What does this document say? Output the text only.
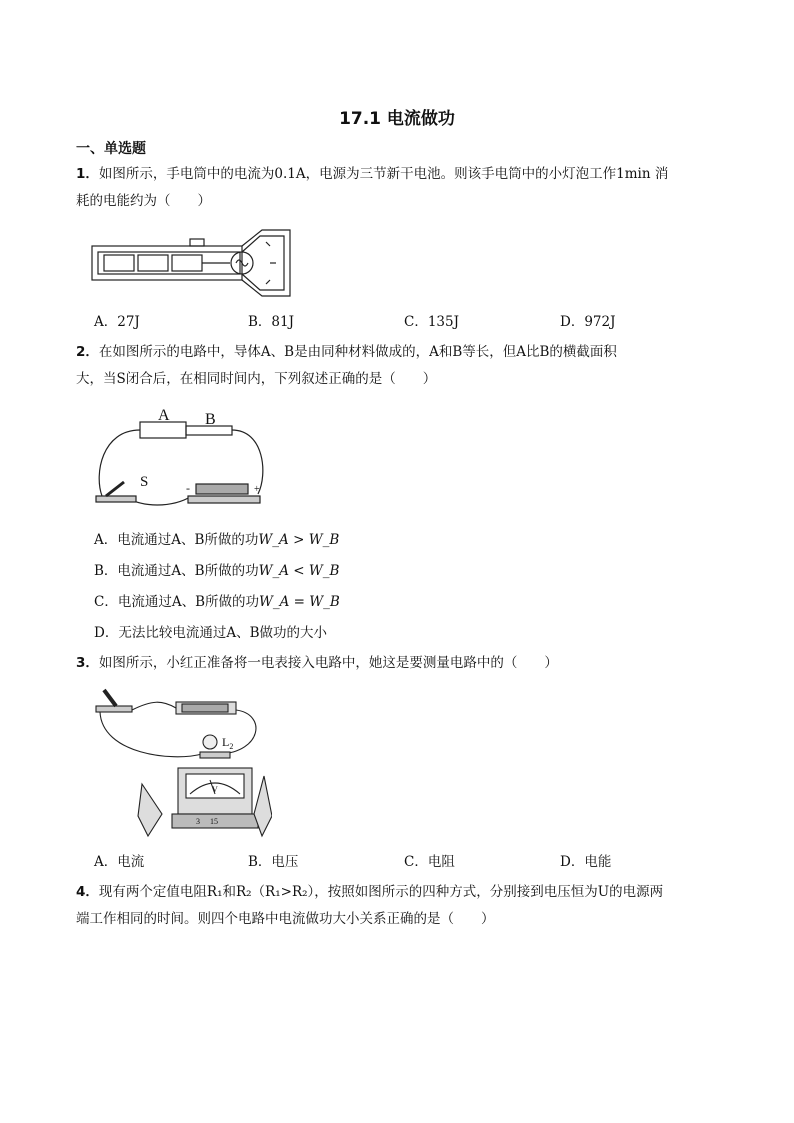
17.1 电流做功
一、单选题
1．如图所示，手电筒中的电流为0.1A，电源为三节新干电池。则该手电筒中的小灯泡工作1min 消
耗的电能约为（　　）
A．27J	B．81J	C．135J	D．972J
2．在如图所示的电路中，导体A、B是由同种材料做成的，A和B等长，但A比B的横截面积
大，当S闭合后，在相同时间内，下列叙述正确的是（　　）
A B
S	-	+
A．电流通过A、B所做的功W_A > W_B
B．电流通过A、B所做的功W_A < W_B
C．电流通过A、B所做的功W_A = W_B
D．无法比较电流通过A、B做功的大小
3．如图所示，小红正准备将一电表接入电路中，她这是要测量电路中的（　　）
$L_2$
V
3 15
A．电流	B．电压	C．电阻	D．电能
4．现有两个定值电阻R₁和R₂（R₁>R₂），按照如图所示的四种方式，分别接到电压恒为U的电源两
端工作相同的时间。则四个电路中电流做功大小关系正确的是（　　）
